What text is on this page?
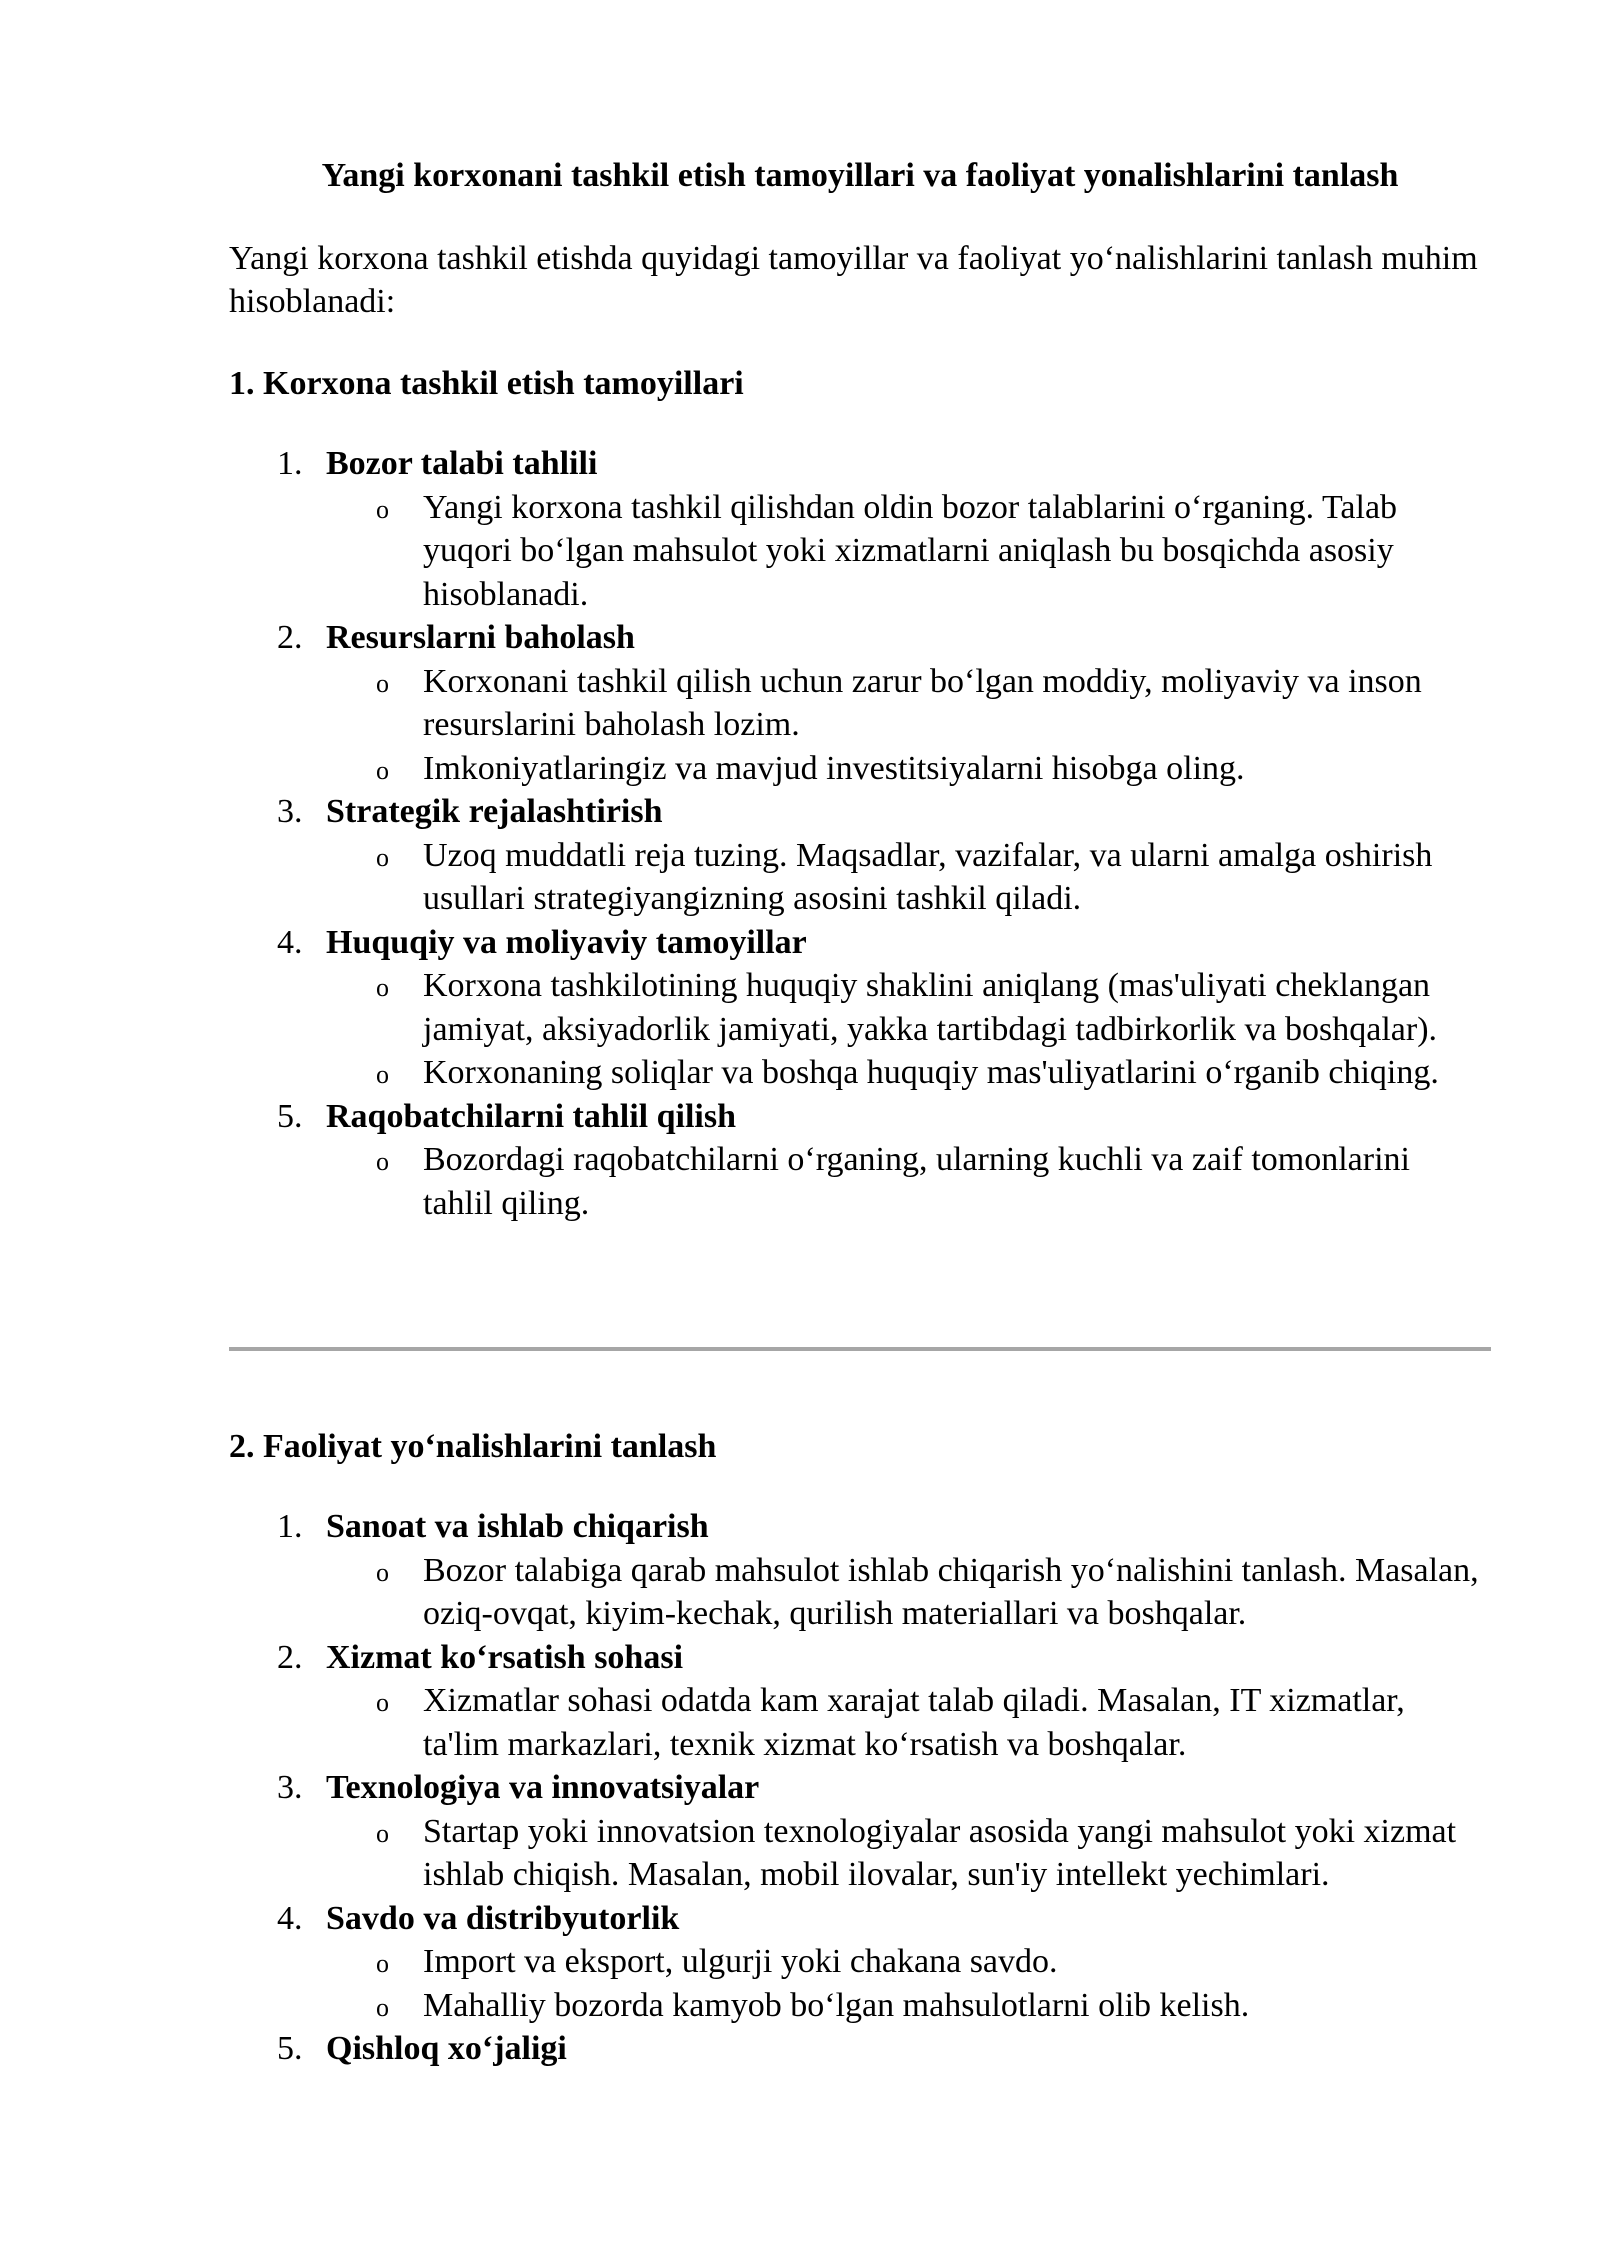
Yangi korxonani tashkil etish tamoyillari va faoliyat yonalishlarini tanlash
Yangi korxona tashkil etishda quyidagi tamoyillar va faoliyat yo‘nalishlarini tanlash muhim hisoblanadi:
1. Korxona tashkil etish tamoyillari
1. Bozor talabi tahlili
o Yangi korxona tashkil qilishdan oldin bozor talablarini o‘rganing. Talab yuqori bo‘lgan mahsulot yoki xizmatlarni aniqlash bu bosqichda asosiy hisoblanadi.
2. Resurslarni baholash
o Korxonani tashkil qilish uchun zarur bo‘lgan moddiy, moliyaviy va inson resurslarini baholash lozim.
o Imkoniyatlaringiz va mavjud investitsiyalarni hisobga oling.
3. Strategik rejalashtirish
o Uzoq muddatli reja tuzing. Maqsadlar, vazifalar, va ularni amalga oshirish usullari strategiyangizning asosini tashkil qiladi.
4. Huquqiy va moliyaviy tamoyillar
o Korxona tashkilotining huquqiy shaklini aniqlang (mas'uliyati cheklangan jamiyat, aksiyadorlik jamiyati, yakka tartibdagi tadbirkorlik va boshqalar).
o Korxonaning soliqlar va boshqa huquqiy mas'uliyatlarini o‘rganib chiqing.
5. Raqobatchilarni tahlil qilish
o Bozordagi raqobatchilarni o‘rganing, ularning kuchli va zaif tomonlarini tahlil qiling.
2. Faoliyat yo‘nalishlarini tanlash
1. Sanoat va ishlab chiqarish
o Bozor talabiga qarab mahsulot ishlab chiqarish yo‘nalishini tanlash. Masalan, oziq-ovqat, kiyim-kechak, qurilish materiallari va boshqalar.
2. Xizmat ko‘rsatish sohasi
o Xizmatlar sohasi odatda kam xarajat talab qiladi. Masalan, IT xizmatlar, ta'lim markazlari, texnik xizmat ko‘rsatish va boshqalar.
3. Texnologiya va innovatsiyalar
o Startap yoki innovatsion texnologiyalar asosida yangi mahsulot yoki xizmat ishlab chiqish. Masalan, mobil ilovalar, sun'iy intellekt yechimlari.
4. Savdo va distribyutorlik
o Import va eksport, ulgurji yoki chakana savdo.
o Mahalliy bozorda kamyob bo‘lgan mahsulotlarni olib kelish.
5. Qishloq xo‘jaligi
